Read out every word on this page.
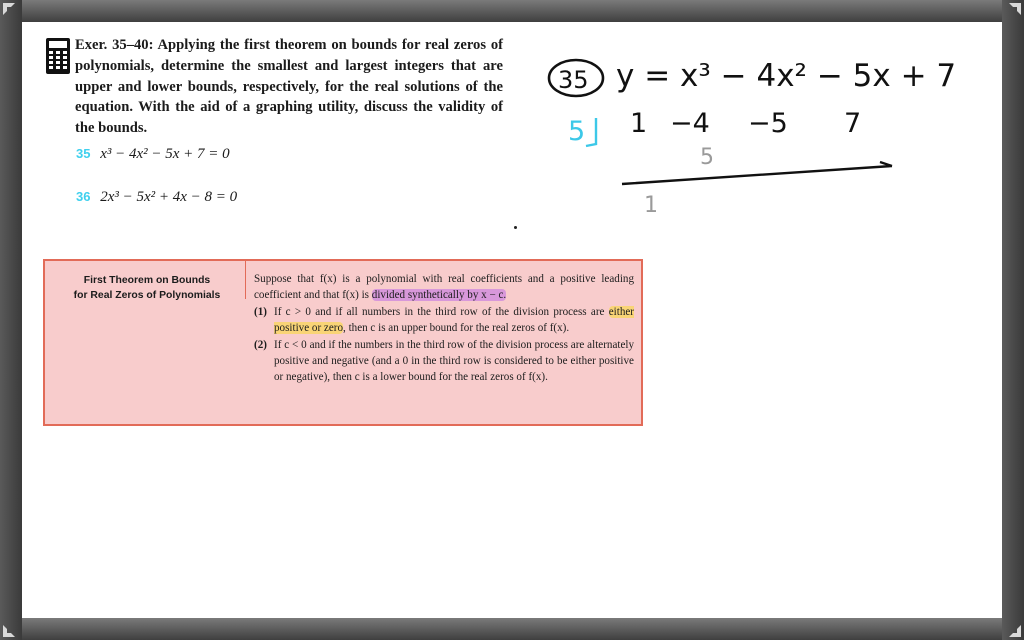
Exer. 35–40: Applying the first theorem on bounds for real zeros of polynomials, determine the smallest and largest integers that are upper and lower bounds, respectively, for the real solutions of the equation. With the aid of a graphing utility, discuss the validity of the bounds.
35 x³ − 4x² − 5x + 7 = 0
36 2x³ − 5x² + 4x − 8 = 0
First Theorem on Bounds
for Real Zeros of Polynomials

Suppose that f(x) is a polynomial with real coefficients and a positive leading coefficient and that f(x) is divided synthetically by x − c.

(1) If c > 0 and if all numbers in the third row of the division process are either positive or zero, then c is an upper bound for the real zeros of f(x).

(2) If c < 0 and if the numbers in the third row of the division process are alternately positive and negative (and a 0 in the third row is considered to be either positive or negative), then c is a lower bound for the real zeros of f(x).

35 y = x³ − 4x² − 5x + 7
5 1 −4 −5 7
5
1
